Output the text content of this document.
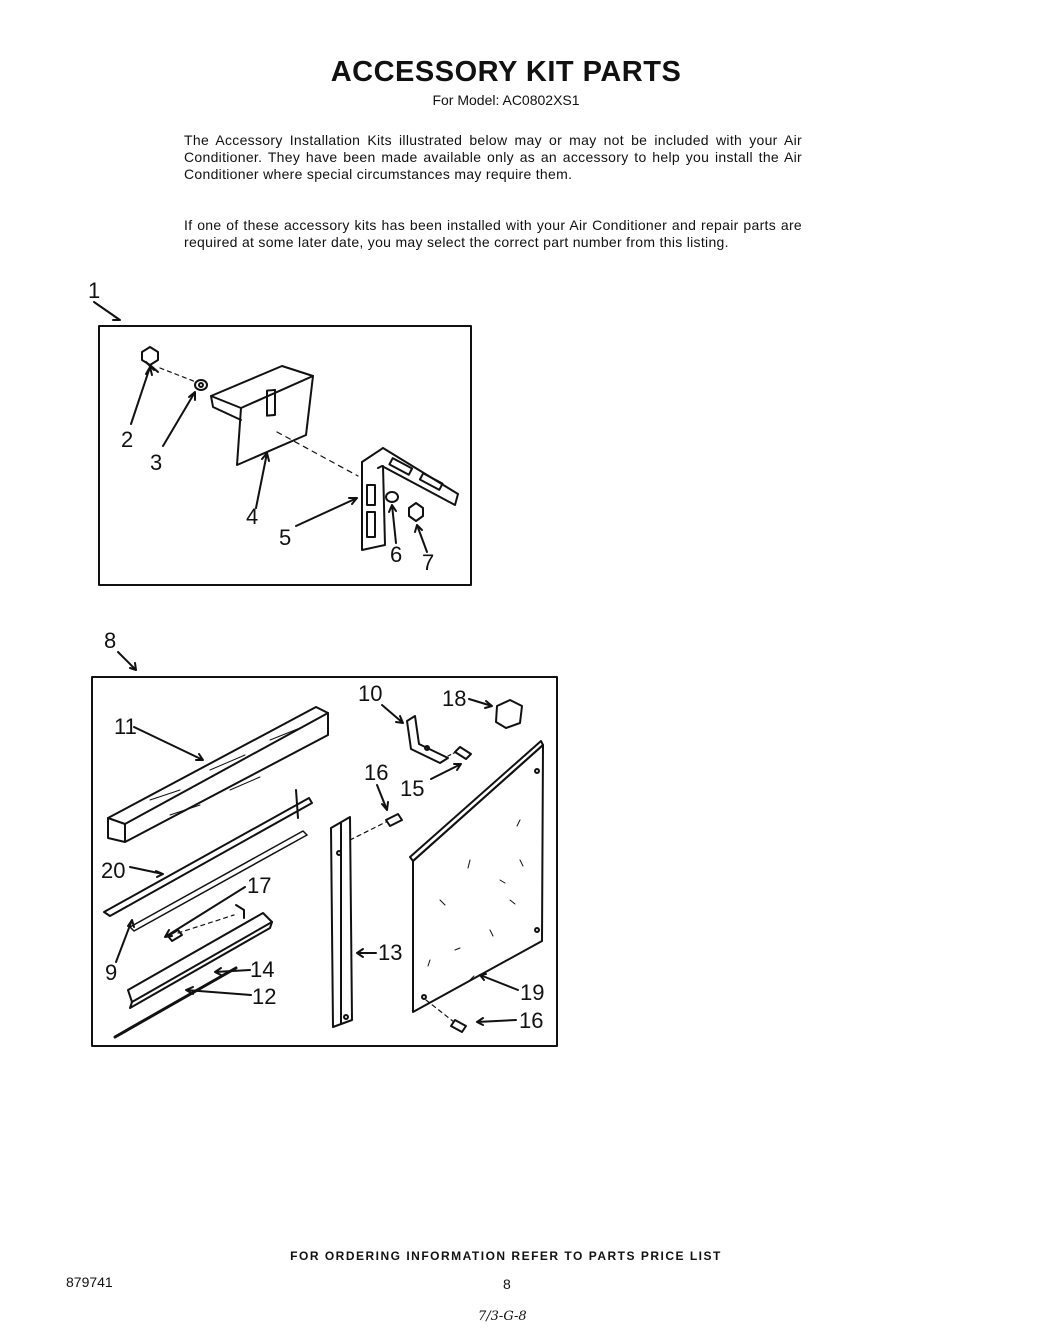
ACCESSORY KIT PARTS
For Model: AC0802XS1
The Accessory Installation Kits illustrated below may or may not be included with your Air Conditioner. They have been made available only as an accessory to help you install the Air Conditioner where special circumstances may require them.
If one of these accessory kits has been installed with your Air Conditioner and repair parts are required at some later date, you may select the correct part number from this listing.
1
2
3
4
5
6 7
8
10	18
11
16
15
20
17
13
9	14
12	19
16
FOR ORDERING INFORMATION REFER TO PARTS PRICE LIST
879741	8
7/3-G-8
